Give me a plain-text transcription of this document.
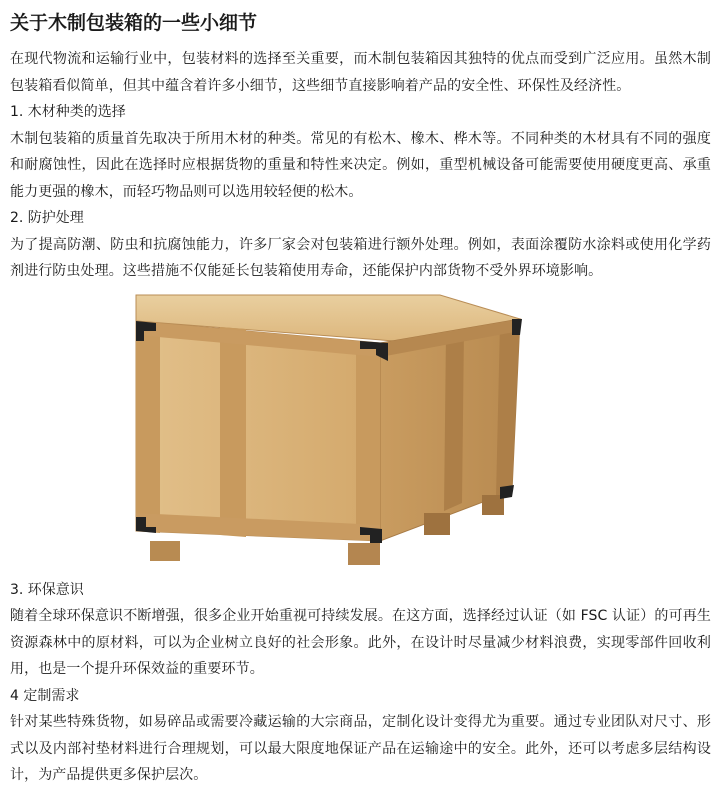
关于木制包装箱的一些小细节

在现代物流和运输行业中，包装材料的选择至关重要，而木制包装箱因其独特的优点而受到广泛应用。虽然木制包装箱看似简单，但其中蕴含着许多小细节，这些细节直接影响着产品的安全性、环保性及经济性。

1. 木材种类的选择

木制包装箱的质量首先取决于所用木材的种类。常见的有松木、橡木、桦木等。不同种类的木材具有不同的强度和耐腐蚀性，因此在选择时应根据货物的重量和特性来决定。例如，重型机械设备可能需要使用硬度更高、承重能力更强的橡木，而轻巧物品则可以选用较轻便的松木。

2. 防护处理

为了提高防潮、防虫和抗腐蚀能力，许多厂家会对包装箱进行额外处理。例如，表面涂覆防水涂料或使用化学药剂进行防虫处理。这些措施不仅能延长包装箱使用寿命，还能保护内部货物不受外界环境影响。

3. 环保意识

随着全球环保意识不断增强，很多企业开始重视可持续发展。在这方面，选择经过认证（如 FSC 认证）的可再生资源森林中的原材料，可以为企业树立良好的社会形象。此外，在设计时尽量减少材料浪费，实现零部件回收利用，也是一个提升环保效益的重要环节。

4 定制需求

针对某些特殊货物，如易碎品或需要冷藏运输的大宗商品，定制化设计变得尤为重要。通过专业团队对尺寸、形式以及内部衬垫材料进行合理规划，可以最大限度地保证产品在运输途中的安全。此外，还可以考虑多层结构设计，为产品提供更多保护层次。
